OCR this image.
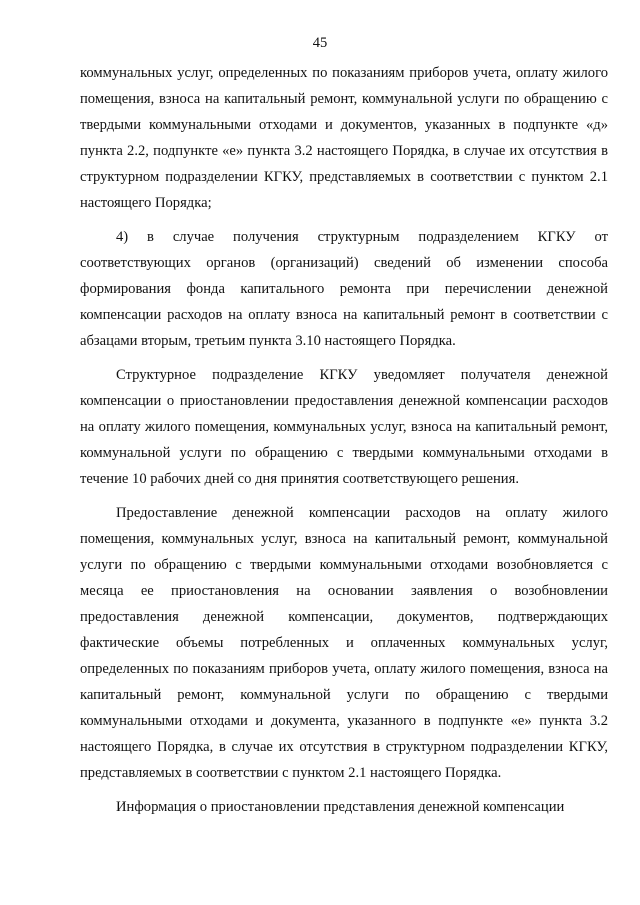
45

коммунальных услуг, определенных по показаниям приборов учета, оплату жилого помещения, взноса на капитальный ремонт, коммунальной услуги по обращению с твердыми коммунальными отходами и документов, указанных в подпункте «д» пункта 2.2, подпункте «е» пункта 3.2 настоящего Порядка, в случае их отсутствия в структурном подразделении КГКУ, представляемых в соответствии с пунктом 2.1 настоящего Порядка;

4) в случае получения структурным подразделением КГКУ от соответствующих органов (организаций) сведений об изменении способа формирования фонда капитального ремонта при перечислении денежной компенсации расходов на оплату взноса на капитальный ремонт в соответствии с абзацами вторым, третьим пункта 3.10 настоящего Порядка.

Структурное подразделение КГКУ уведомляет получателя денежной компенсации о приостановлении предоставления денежной компенсации расходов на оплату жилого помещения, коммунальных услуг, взноса на капитальный ремонт, коммунальной услуги по обращению с твердыми коммунальными отходами в течение 10 рабочих дней со дня принятия соответствующего решения.

Предоставление денежной компенсации расходов на оплату жилого помещения, коммунальных услуг, взноса на капитальный ремонт, коммунальной услуги по обращению с твердыми коммунальными отходами возобновляется с месяца ее приостановления на основании заявления о возобновлении предоставления денежной компенсации, документов, подтверждающих фактические объемы потребленных и оплаченных коммунальных услуг, определенных по показаниям приборов учета, оплату жилого помещения, взноса на капитальный ремонт, коммунальной услуги по обращению с твердыми коммунальными отходами и документа, указанного в подпункте «е» пункта 3.2 настоящего Порядка, в случае их отсутствия в структурном подразделении КГКУ, представляемых в соответствии с пунктом 2.1 настоящего Порядка.

Информация о приостановлении представления денежной компенсации
